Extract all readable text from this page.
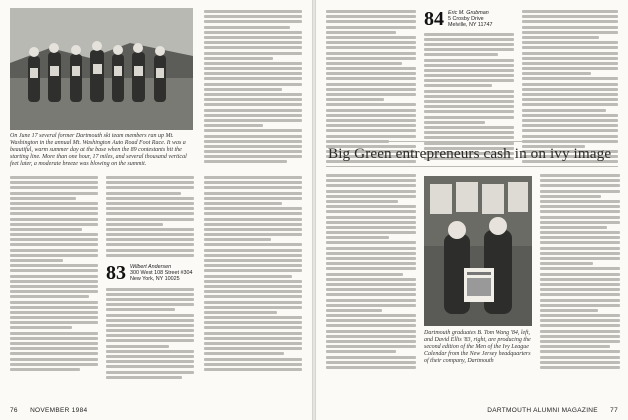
On June 17 several former Dartmouth ski team members ran up Mt. Washington in the annual Mt. Washington Auto Road Foot Race. It was a beautiful, warm summer day at the base when the 89 contestants hit the starting line. More than one hour, 17 miles, and several thousand vertical feet later, a moderate breeze was blowing on the summit.
83 Wilbert Andersen
300 West 108 Street #304
New York, NY 10025
76 NOVEMBER 1984
84 Eric M. Grubman
5 Crosby Drive
Melville, NY 11747
Big Green entrepreneurs cash in on ivy image
Dartmouth graduates B. Tom Wang '84, left, and David Ellis '83, right, are producing the second edition of the Men of the Ivy League Calendar from the New Jersey headquarters of their company, Dartmouth
DARTMOUTH ALUMNI MAGAZINE 77
